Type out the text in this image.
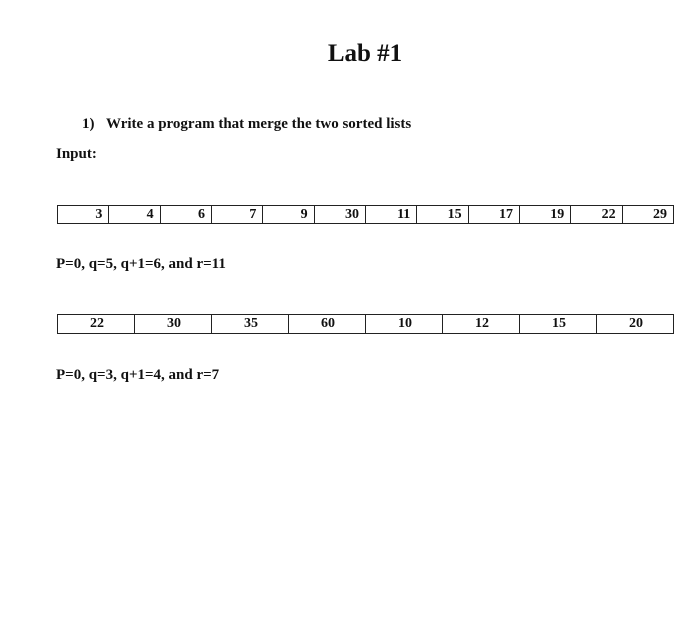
Lab #1
1) Write a program that merge the two sorted lists
Input:
3	4	6	7	9	30	11	15	17	19	22	29
P=0, q=5, q+1=6, and r=11
22	30	35	60	10	12	15	20
P=0, q=3, q+1=4, and r=7
